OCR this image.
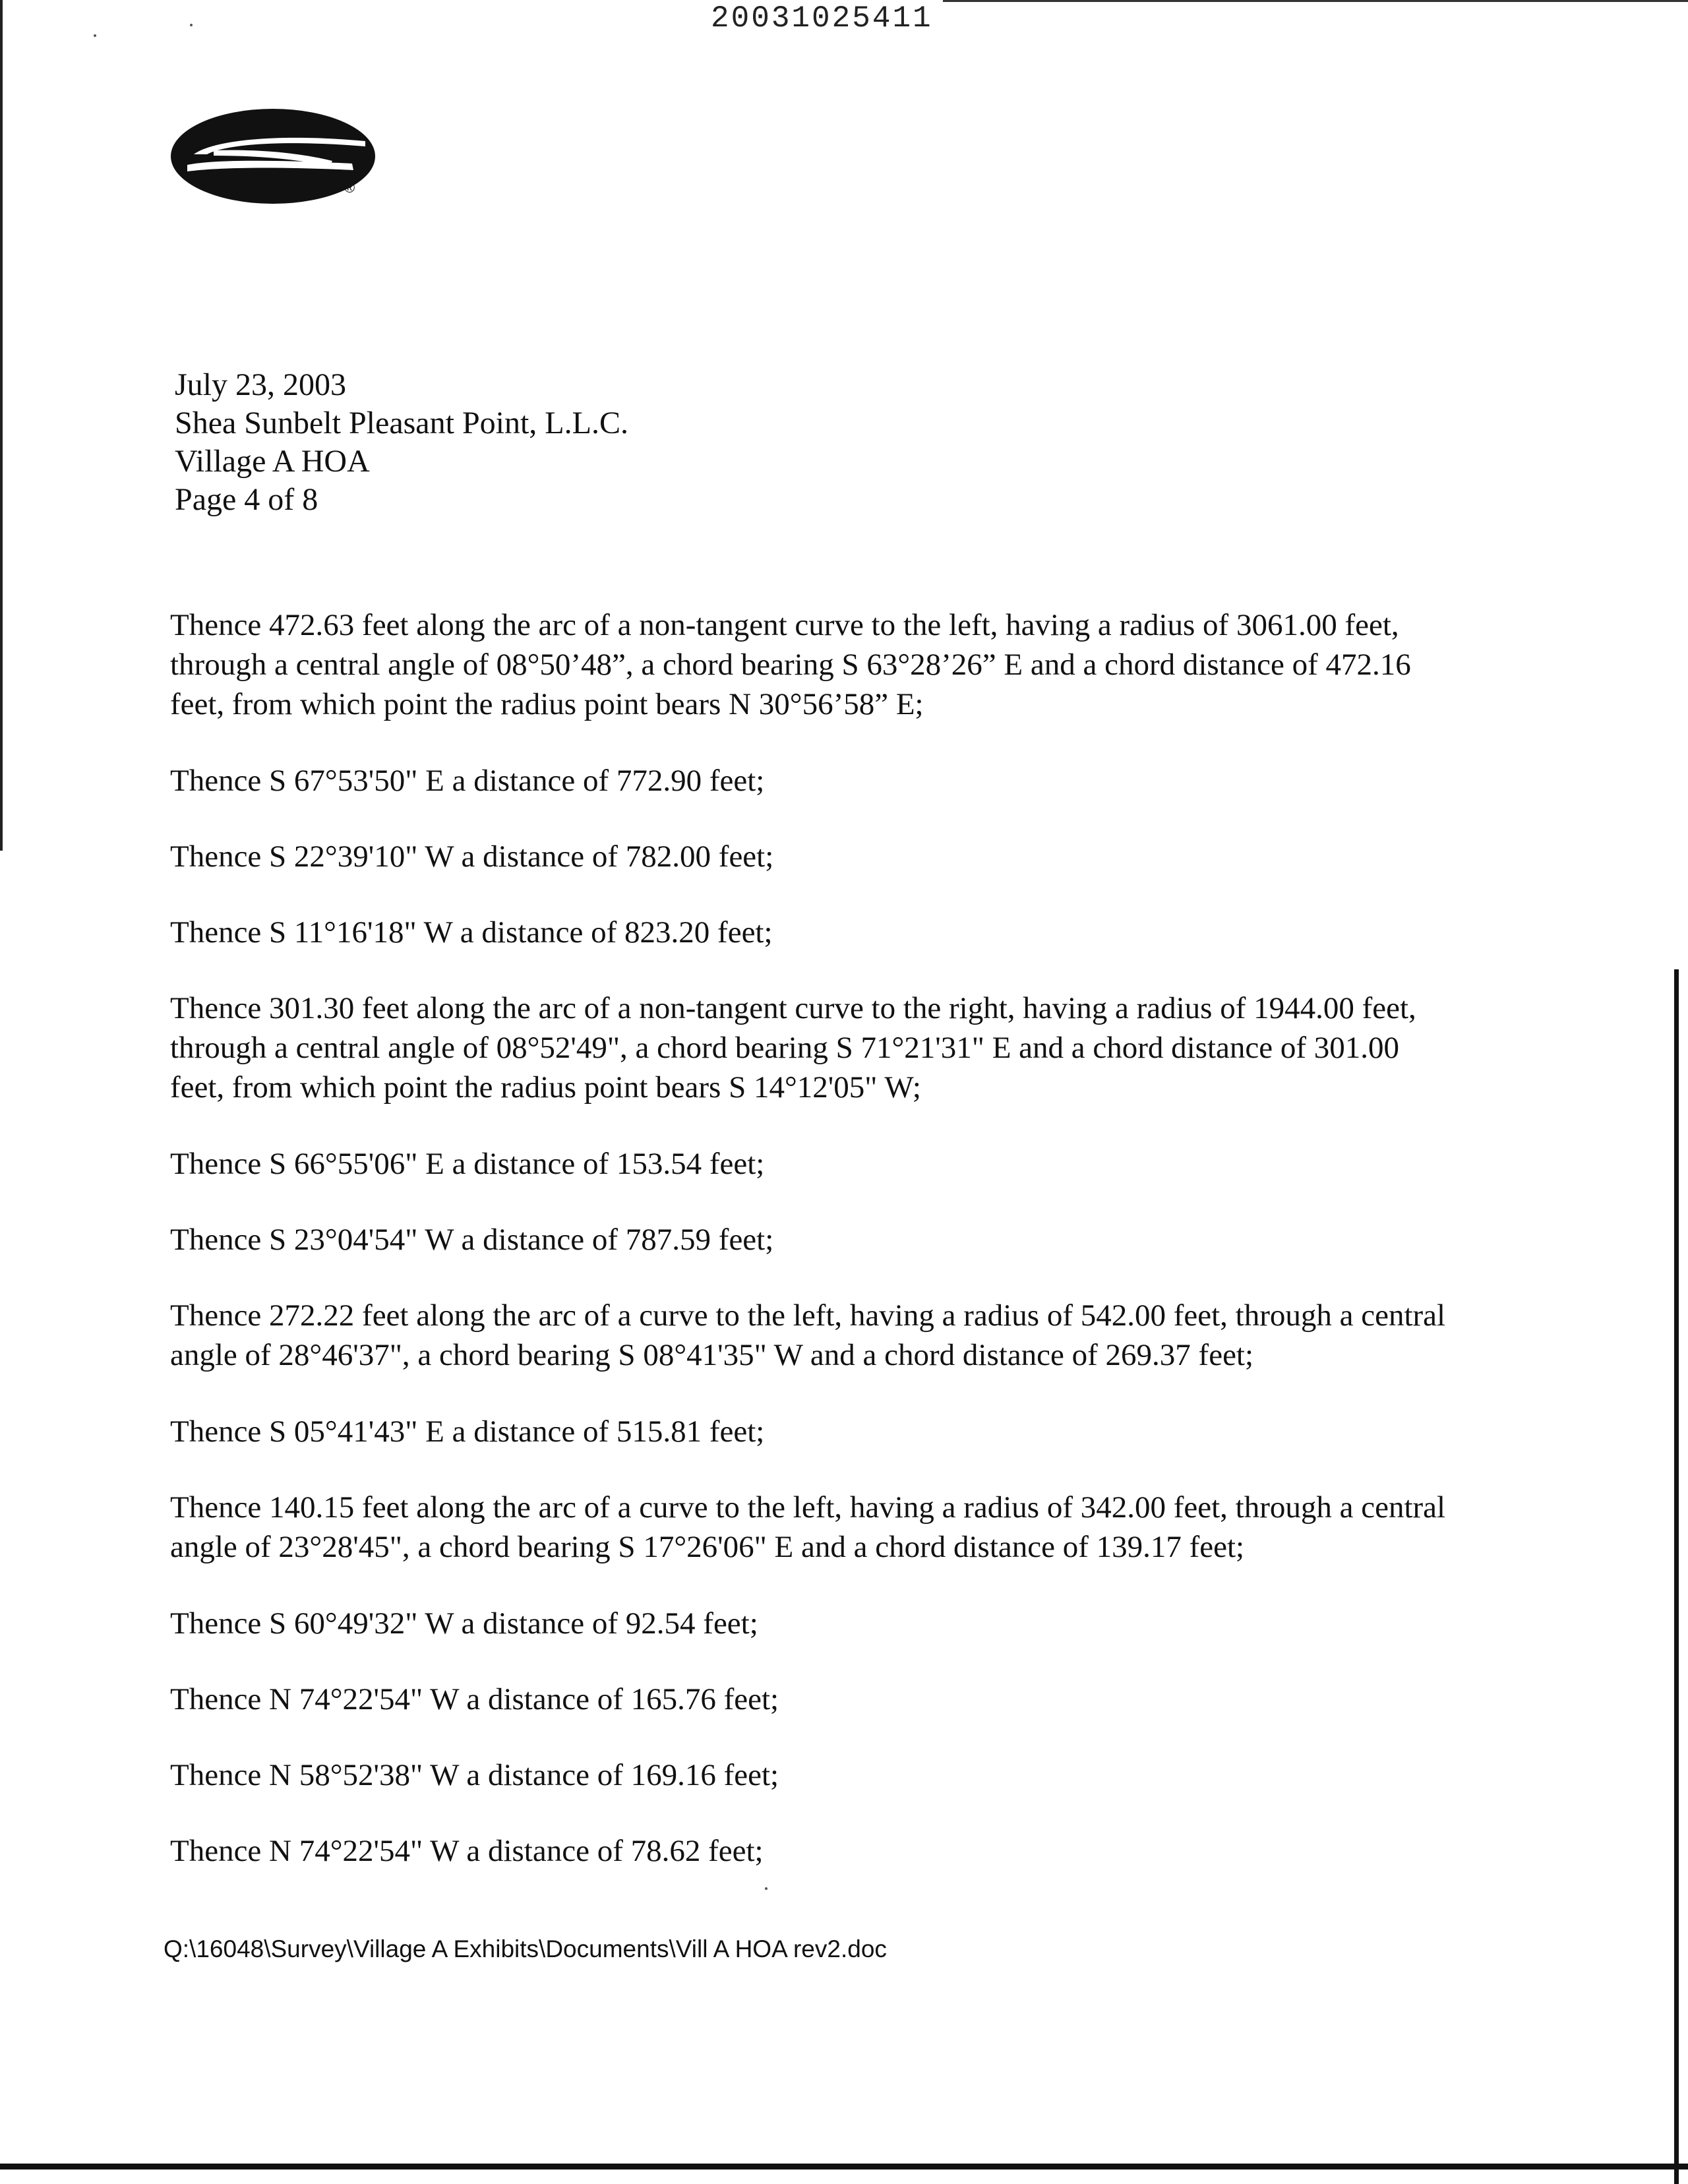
20031025411
®
July 23, 2003
Shea Sunbelt Pleasant Point, L.L.C.
Village A HOA
Page 4 of 8

Thence 472.63 feet along the arc of a non-tangent curve to the left, having a radius of 3061.00 feet, through a central angle of 08°50’48”, a chord bearing S 63°28’26” E and a chord distance of 472.16 feet, from which point the radius point bears N 30°56’58” E;

Thence S 67°53'50" E a distance of 772.90 feet;

Thence S 22°39'10" W a distance of 782.00 feet;

Thence S 11°16'18" W a distance of 823.20 feet;

Thence 301.30 feet along the arc of a non-tangent curve to the right, having a radius of 1944.00 feet, through a central angle of 08°52'49", a chord bearing S 71°21'31" E and a chord distance of 301.00 feet, from which point the radius point bears S 14°12'05" W;

Thence S 66°55'06" E a distance of 153.54 feet;

Thence S 23°04'54" W a distance of 787.59 feet;

Thence 272.22 feet along the arc of a curve to the left, having a radius of 542.00 feet, through a central angle of 28°46'37", a chord bearing S 08°41'35" W and a chord distance of 269.37 feet;

Thence S 05°41'43" E a distance of 515.81 feet;

Thence 140.15 feet along the arc of a curve to the left, having a radius of 342.00 feet, through a central angle of 23°28'45", a chord bearing S 17°26'06" E and a chord distance of 139.17 feet;

Thence S 60°49'32" W a distance of 92.54 feet;

Thence N 74°22'54" W a distance of 165.76 feet;

Thence N 58°52'38" W a distance of 169.16 feet;

Thence N 74°22'54" W a distance of 78.62 feet;

Q:\16048\Survey\Village A Exhibits\Documents\Vill A HOA rev2.doc
